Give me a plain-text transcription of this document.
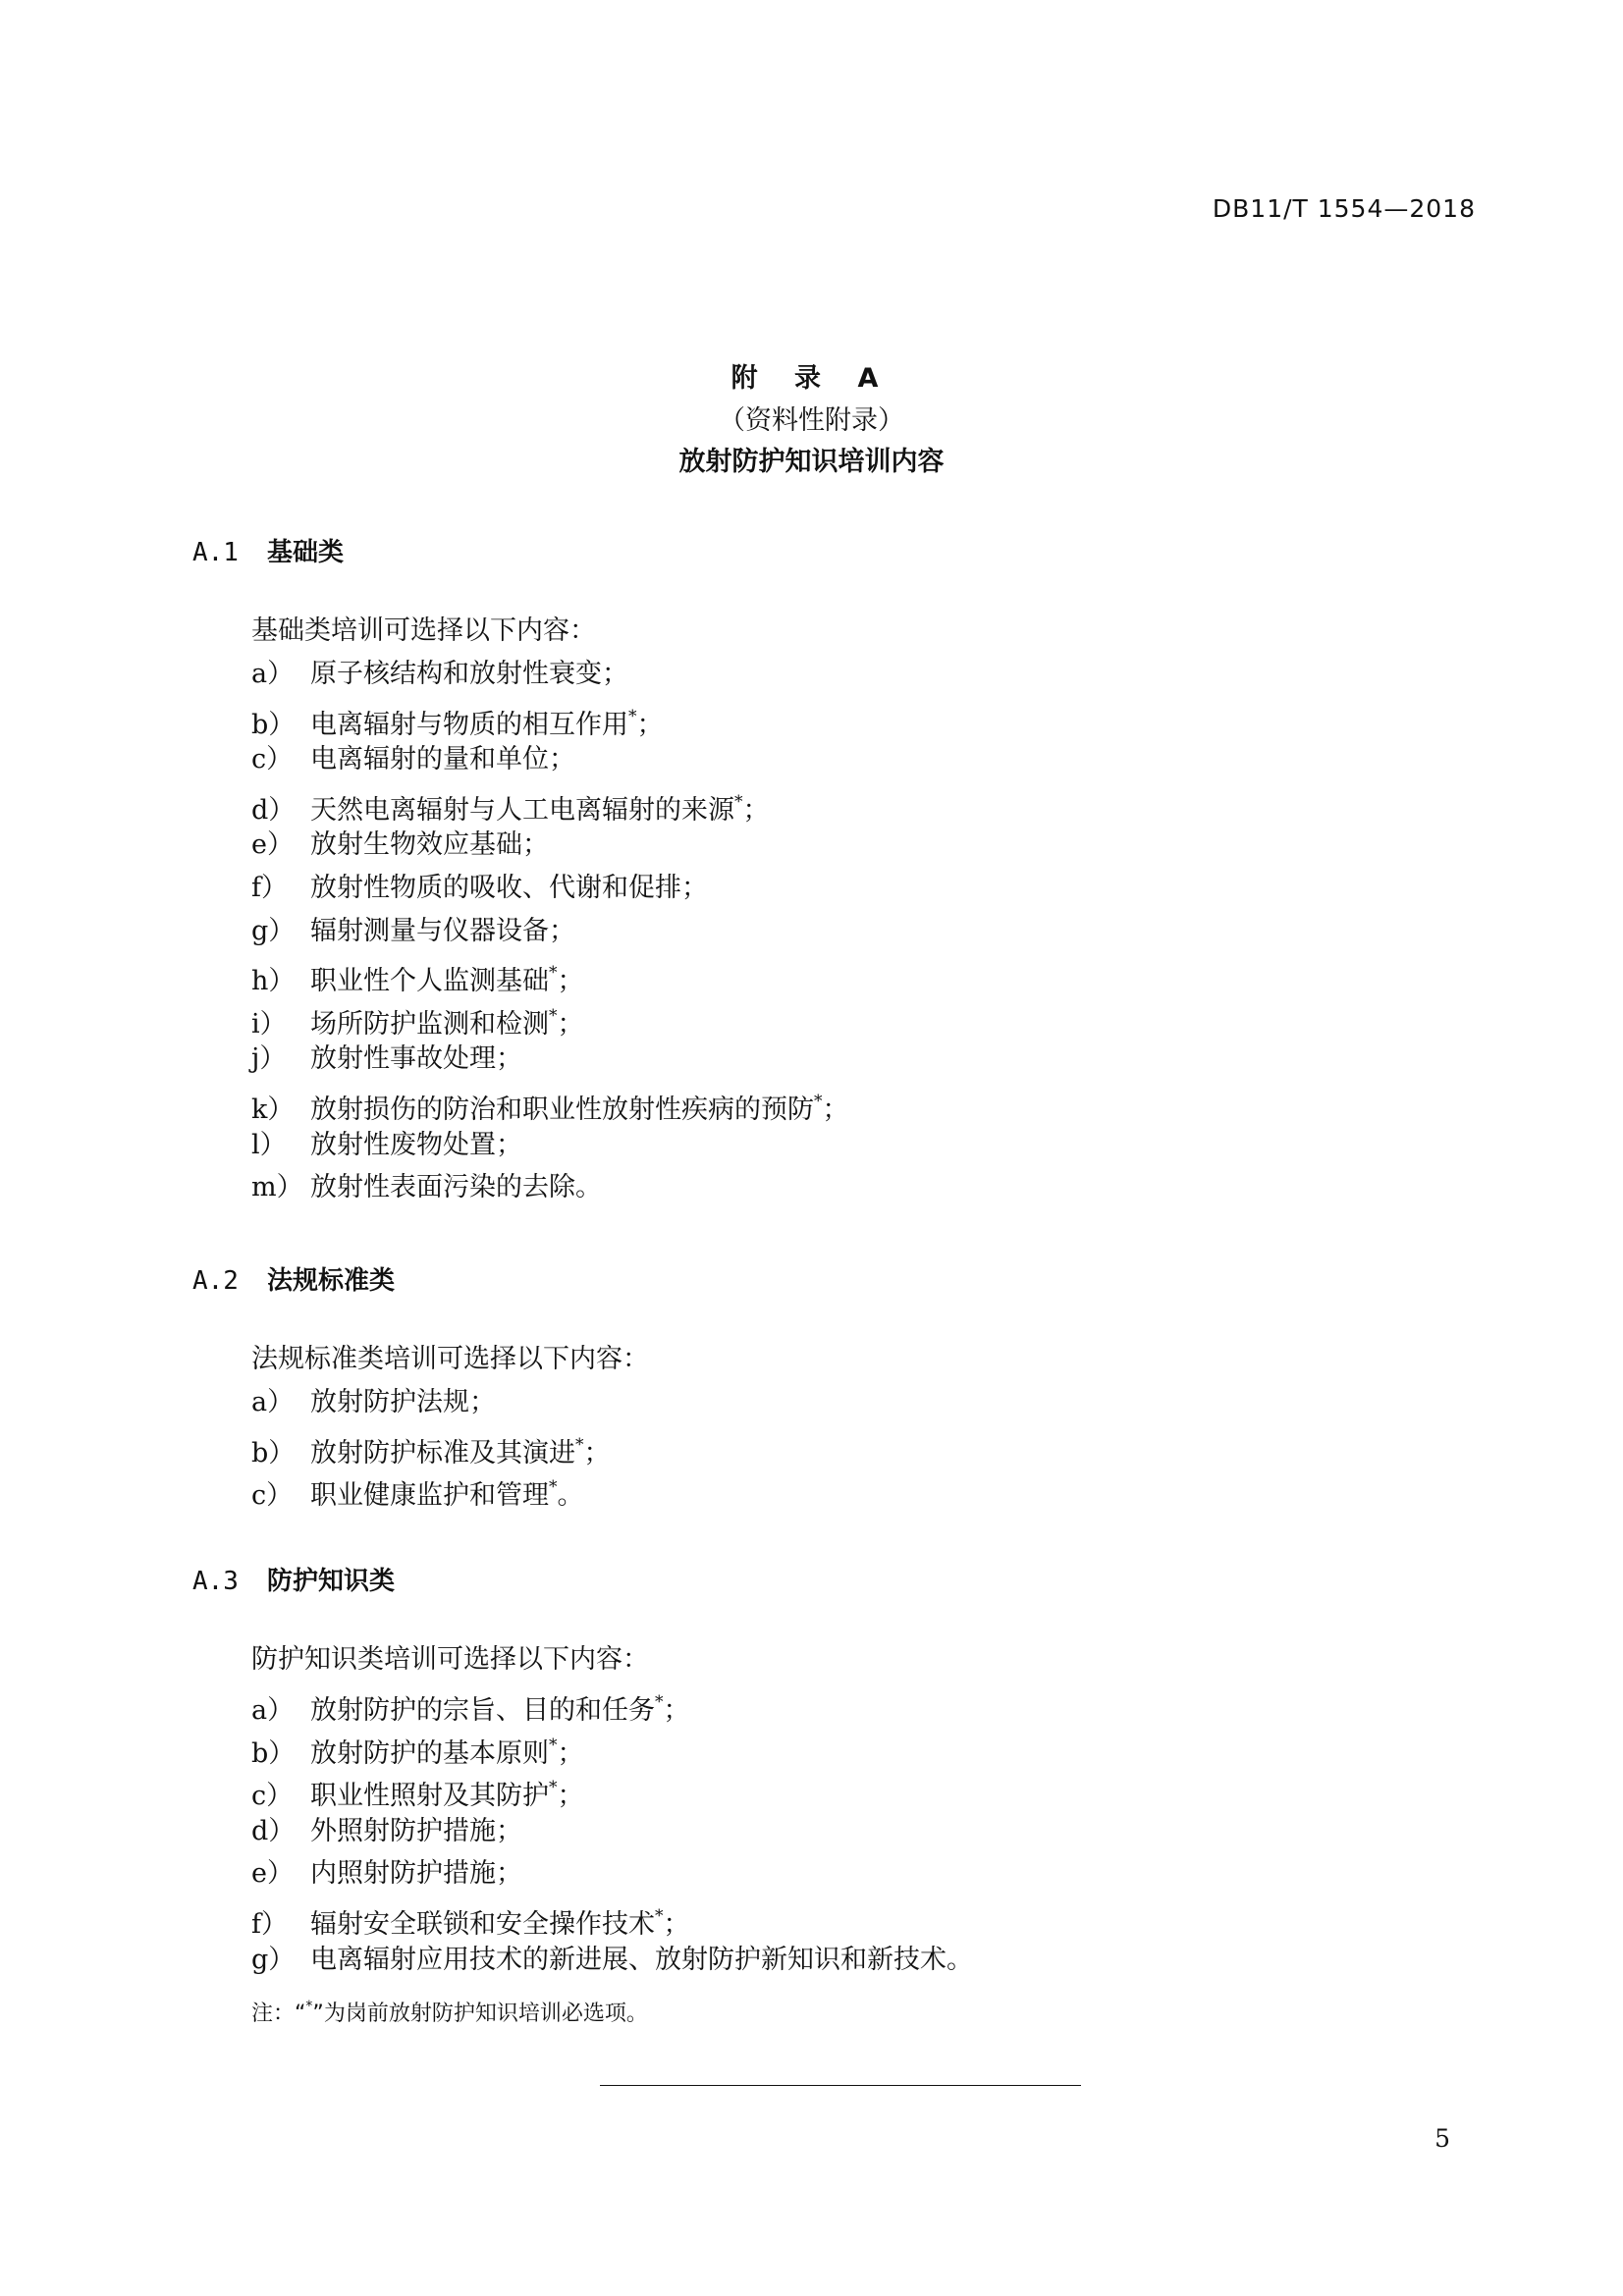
DB11/T 1554—2018
附 录 A
（资料性附录）
放射防护知识培训内容
A.1 基础类
基础类培训可选择以下内容：
a） 原子核结构和放射性衰变；
b） 电离辐射与物质的相互作用*；
c） 电离辐射的量和单位；
d） 天然电离辐射与人工电离辐射的来源*；
e） 放射生物效应基础；
f） 放射性物质的吸收、代谢和促排；
g） 辐射测量与仪器设备；
h） 职业性个人监测基础*；
i） 场所防护监测和检测*；
j） 放射性事故处理；
k） 放射损伤的防治和职业性放射性疾病的预防*；
l） 放射性废物处置；
m） 放射性表面污染的去除。
A.2 法规标准类
法规标准类培训可选择以下内容：
a） 放射防护法规；
b） 放射防护标准及其演进*；
c） 职业健康监护和管理*。
A.3 防护知识类
防护知识类培训可选择以下内容：
a） 放射防护的宗旨、目的和任务*；
b） 放射防护的基本原则*；
c） 职业性照射及其防护*；
d） 外照射防护措施；
e） 内照射防护措施；
f） 辐射安全联锁和安全操作技术*；
g） 电离辐射应用技术的新进展、放射防护新知识和新技术。
注：“*”为岗前放射防护知识培训必选项。
5
